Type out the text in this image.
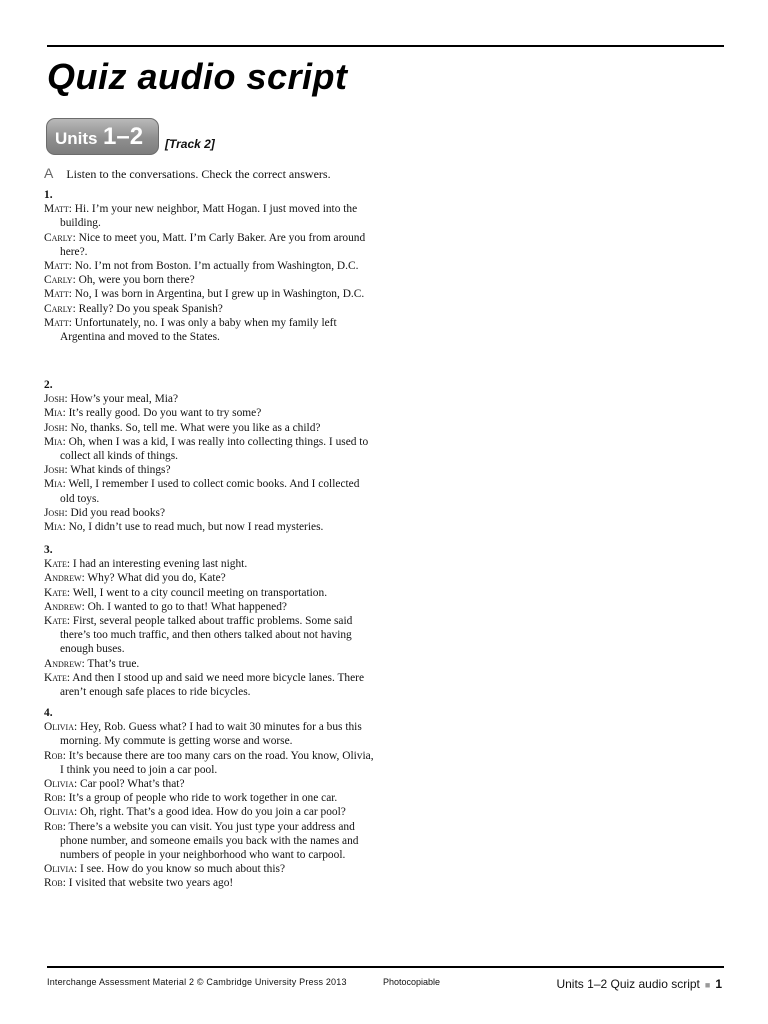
Quiz audio script
Units 1–2 [Track 2]
A Listen to the conversations. Check the correct answers.
1.
Matt: Hi. I’m your new neighbor, Matt Hogan. I just moved into the building.
Carly: Nice to meet you, Matt. I’m Carly Baker. Are you from around here?.
Matt: No. I’m not from Boston. I’m actually from Washington, D.C.
Carly: Oh, were you born there?
Matt: No, I was born in Argentina, but I grew up in Washington, D.C.
Carly: Really? Do you speak Spanish?
Matt: Unfortunately, no. I was only a baby when my family left Argentina and moved to the States.
2.
Josh: How’s your meal, Mia?
Mia: It’s really good. Do you want to try some?
Josh: No, thanks. So, tell me. What were you like as a child?
Mia: Oh, when I was a kid, I was really into collecting things. I used to collect all kinds of things.
Josh: What kinds of things?
Mia: Well, I remember I used to collect comic books. And I collected old toys.
Josh: Did you read books?
Mia: No, I didn’t use to read much, but now I read mysteries.
3.
Kate: I had an interesting evening last night.
Andrew: Why? What did you do, Kate?
Kate: Well, I went to a city council meeting on transportation.
Andrew: Oh. I wanted to go to that! What happened?
Kate: First, several people talked about traffic problems. Some said there’s too much traffic, and then others talked about not having enough buses.
Andrew: That’s true.
Kate: And then I stood up and said we need more bicycle lanes. There aren’t enough safe places to ride bicycles.
4.
Olivia: Hey, Rob. Guess what? I had to wait 30 minutes for a bus this morning. My commute is getting worse and worse.
Rob: It’s because there are too many cars on the road. You know, Olivia, I think you need to join a car pool.
Olivia: Car pool? What’s that?
Rob: It’s a group of people who ride to work together in one car.
Olivia: Oh, right. That’s a good idea. How do you join a car pool?
Rob: There’s a website you can visit. You just type your address and phone number, and someone emails you back with the names and numbers of people in your neighborhood who want to carpool.
Olivia: I see. How do you know so much about this?
Rob: I visited that website two years ago!
Interchange Assessment Material 2 © Cambridge University Press 2013	Photocopiable	Units 1–2 Quiz audio script ■ 1
